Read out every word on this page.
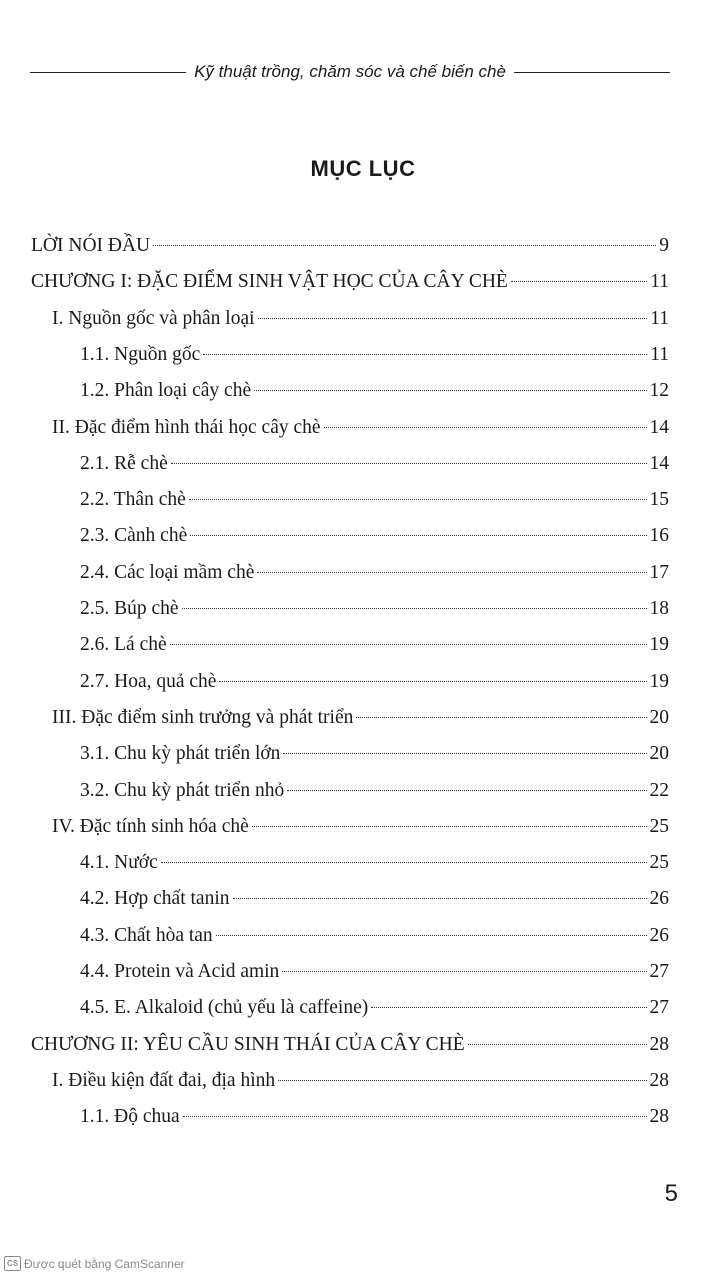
Kỹ thuật trồng, chăm sóc và chế biến chè
MỤC LỤC
LỜI NÓI ĐẦU	9
CHƯƠNG I: ĐẶC ĐIỂM SINH VẬT HỌC CỦA CÂY CHÈ	11
I. Nguồn gốc và phân loại	11
1.1. Nguồn gốc	11
1.2. Phân loại cây chè	12
II. Đặc điểm hình thái học cây chè	14
2.1. Rễ chè	14
2.2. Thân chè	15
2.3. Cành chè	16
2.4. Các loại mầm chè	17
2.5. Búp chè	18
2.6. Lá chè	19
2.7. Hoa, quả chè	19
III. Đặc điểm sinh trưởng và phát triển	20
3.1. Chu kỳ phát triển lớn	20
3.2. Chu kỳ phát triển nhỏ	22
IV. Đặc tính sinh hóa chè	25
4.1. Nước	25
4.2. Hợp chất tanin	26
4.3. Chất hòa tan	26
4.4. Protein và Acid amin	27
4.5. E. Alkaloid (chủ yếu là caffeine)	27
CHƯƠNG II: YÊU CẦU SINH THÁI CỦA CÂY CHÈ	28
I. Điều kiện đất đai, địa hình	28
1.1. Độ chua	28
5
CS Được quét bằng CamScanner
